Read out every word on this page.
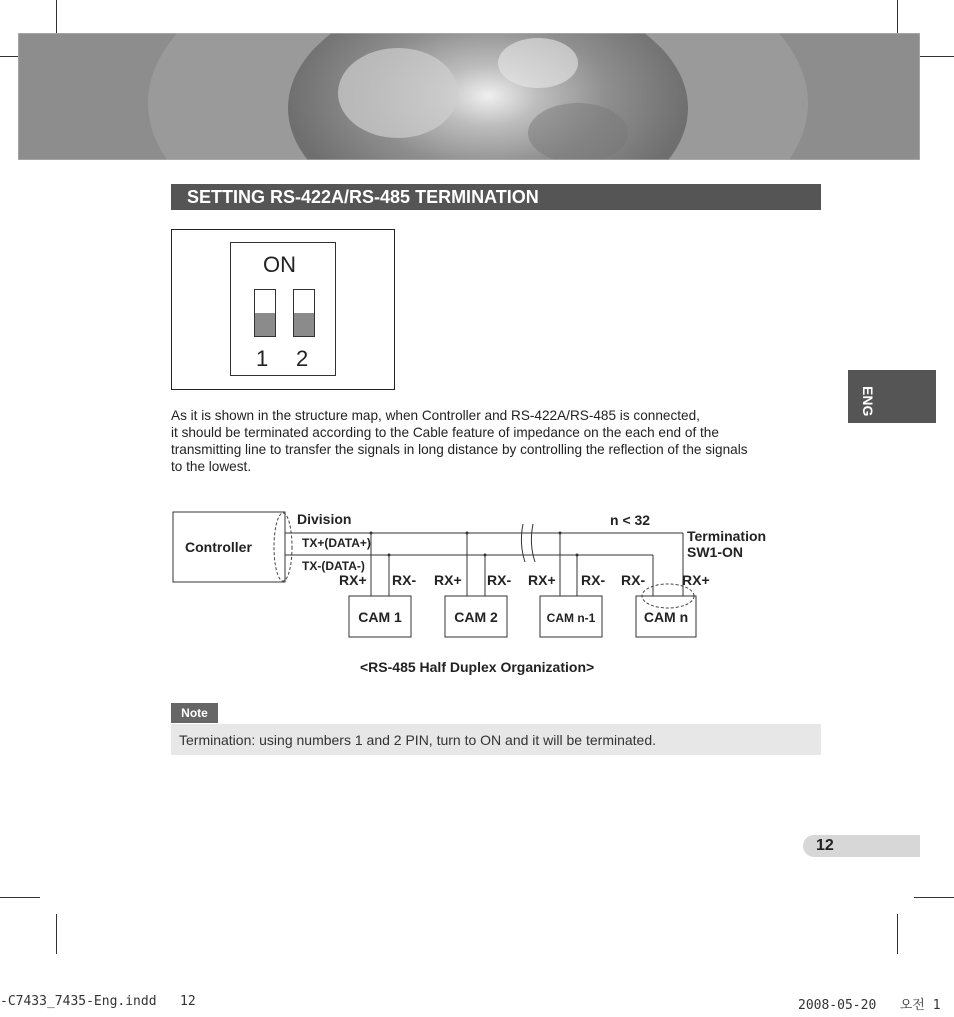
SETTING RS-422A/RS-485 TERMINATION
ON
1 2
As it is shown in the structure map, when Controller and RS-422A/RS-485 is connected,
it should be terminated according to the Cable feature of impedance on the each end of the
transmitting line to transfer the signals in long distance by controlling the reflection of the signals
to the lowest.
Controller
Division	n < 32
Termination
SW1-ON
TX+(DATA+)
TX-(DATA-)
RX+ RX- RX+ RX- RX+ RX- RX-	RX+
CAM 1	CAM 2	CAM n-1	CAM n
<RS-485 Half Duplex Organization>
Note
Termination: using numbers 1 and 2 PIN, turn to ON and it will be terminated.
ENG
12
-C7433_7435-Eng.indd   12	2008-05-20   오전 1
